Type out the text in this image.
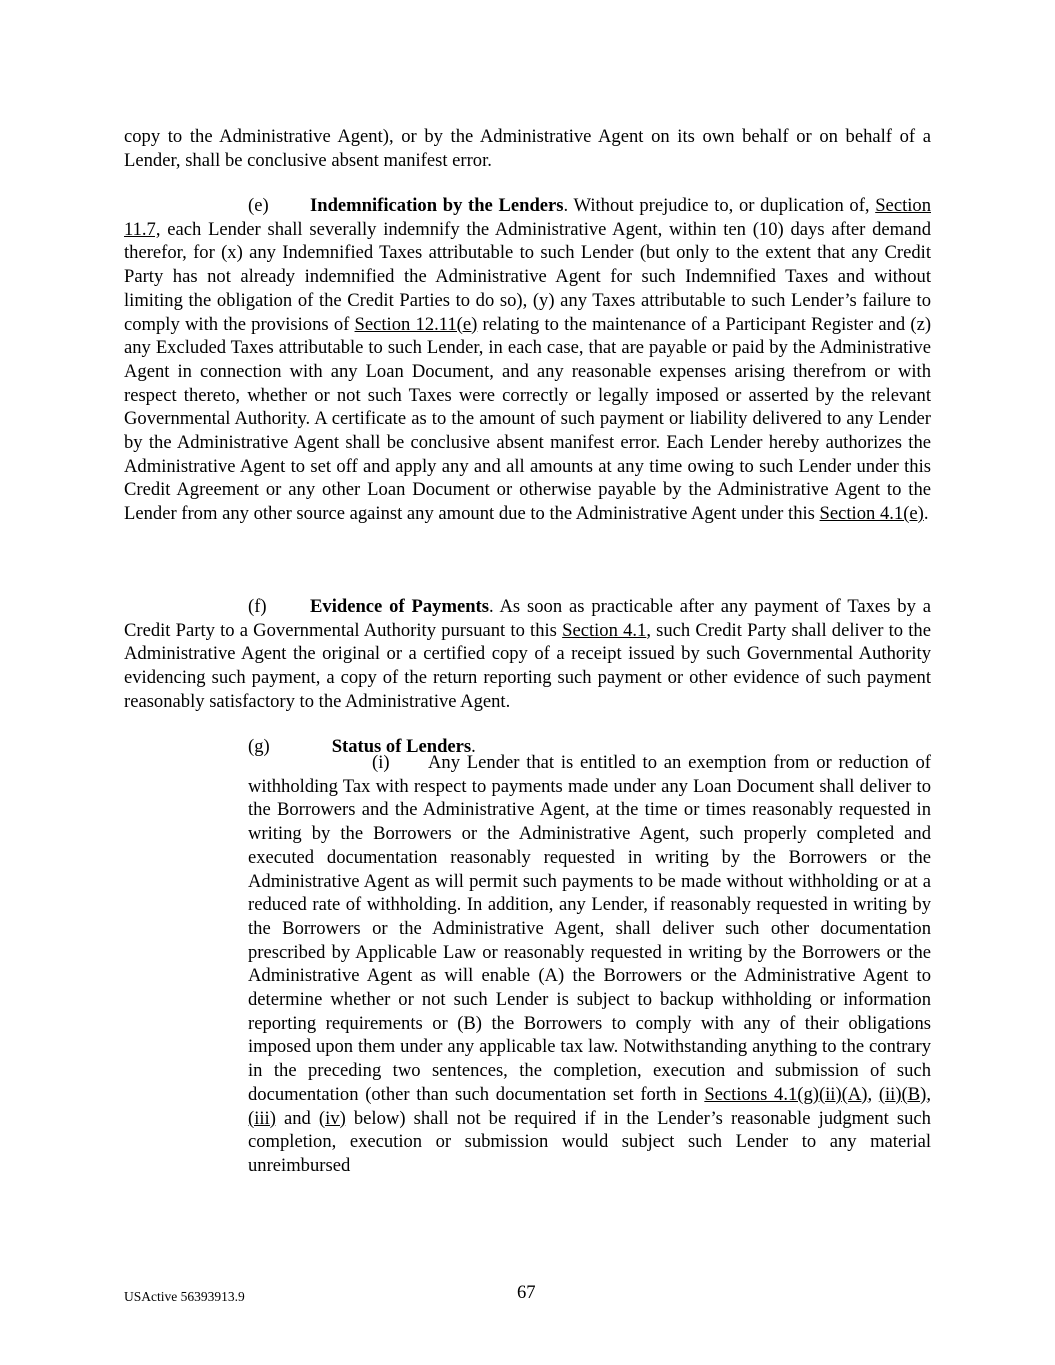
copy to the Administrative Agent), or by the Administrative Agent on its own behalf or on behalf of a Lender, shall be conclusive absent manifest error.

(e) Indemnification by the Lenders. Without prejudice to, or duplication of, Section 11.7, each Lender shall severally indemnify the Administrative Agent, within ten (10) days after demand therefor, for (x) any Indemnified Taxes attributable to such Lender (but only to the extent that any Credit Party has not already indemnified the Administrative Agent for such Indemnified Taxes and without limiting the obligation of the Credit Parties to do so), (y) any Taxes attributable to such Lender’s failure to comply with the provisions of Section 12.11(e) relating to the maintenance of a Participant Register and (z) any Excluded Taxes attributable to such Lender, in each case, that are payable or paid by the Administrative Agent in connection with any Loan Document, and any reasonable expenses arising therefrom or with respect thereto, whether or not such Taxes were correctly or legally imposed or asserted by the relevant Governmental Authority. A certificate as to the amount of such payment or liability delivered to any Lender by the Administrative Agent shall be conclusive absent manifest error. Each Lender hereby authorizes the Administrative Agent to set off and apply any and all amounts at any time owing to such Lender under this Credit Agreement or any other Loan Document or otherwise payable by the Administrative Agent to the Lender from any other source against any amount due to the Administrative Agent under this Section 4.1(e).

(f) Evidence of Payments. As soon as practicable after any payment of Taxes by a Credit Party to a Governmental Authority pursuant to this Section 4.1, such Credit Party shall deliver to the Administrative Agent the original or a certified copy of a receipt issued by such Governmental Authority evidencing such payment, a copy of the return reporting such payment or other evidence of such payment reasonably satisfactory to the Administrative Agent.

(g)	Status of Lenders.

(i) Any Lender that is entitled to an exemption from or reduction of withholding Tax with respect to payments made under any Loan Document shall deliver to the Borrowers and the Administrative Agent, at the time or times reasonably requested in writing by the Borrowers or the Administrative Agent, such properly completed and executed documentation reasonably requested in writing by the Borrowers or the Administrative Agent as will permit such payments to be made without withholding or at a reduced rate of withholding. In addition, any Lender, if reasonably requested in writing by the Borrowers or the Administrative Agent, shall deliver such other documentation prescribed by Applicable Law or reasonably requested in writing by the Borrowers or the Administrative Agent as will enable (A) the Borrowers or the Administrative Agent to determine whether or not such Lender is subject to backup withholding or information reporting requirements or (B) the Borrowers to comply with any of their obligations imposed upon them under any applicable tax law. Notwithstanding anything to the contrary in the preceding two sentences, the completion, execution and submission of such documentation (other than such documentation set forth in Sections 4.1(g)(ii)(A), (ii)(B), (iii) and (iv) below) shall not be required if in the Lender’s reasonable judgment such completion, execution or submission would subject such Lender to any material unreimbursed

USActive 56393913.9	67
